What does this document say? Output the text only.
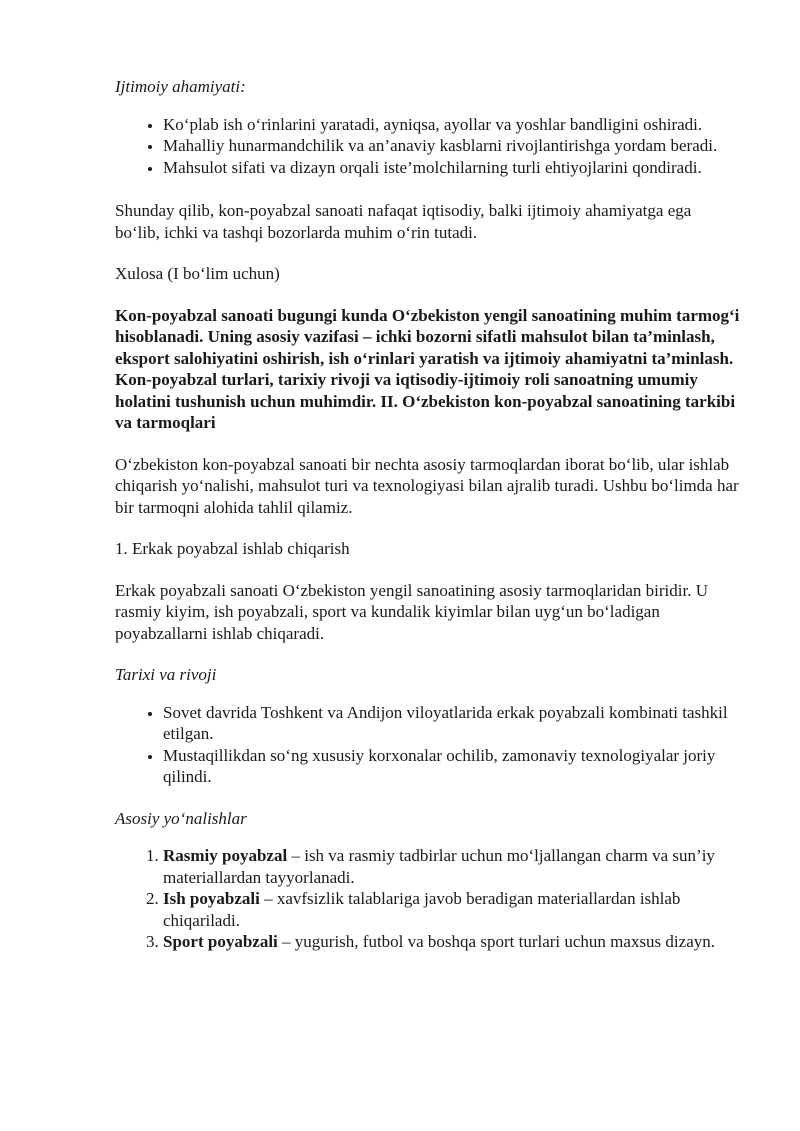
Ijtimoiy ahamiyati:

• Ko‘plab ish o‘rinlarini yaratadi, ayniqsa, ayollar va yoshlar bandligini oshiradi.
• Mahalliy hunarmandchilik va an’anaviy kasblarni rivojlantirishga yordam beradi.
• Mahsulot sifati va dizayn orqali iste’molchilarning turli ehtiyojlarini qondiradi.

Shunday qilib, kon-poyabzal sanoati nafaqat iqtisodiy, balki ijtimoiy ahamiyatga ega bo‘lib, ichki va tashqi bozorlarda muhim o‘rin tutadi.

Xulosa (I bo‘lim uchun)

Kon-poyabzal sanoati bugungi kunda O‘zbekiston yengil sanoatining muhim tarmog‘i hisoblanadi. Uning asosiy vazifasi – ichki bozorni sifatli mahsulot bilan ta’minlash, eksport salohiyatini oshirish, ish o‘rinlari yaratish va ijtimoiy ahamiyatni ta’minlash. Kon-poyabzal turlari, tarixiy rivoji va iqtisodiy-ijtimoiy roli sanoatning umumiy holatini tushunish uchun muhimdir. II. O‘zbekiston kon-poyabzal sanoatining tarkibi va tarmoqlari

O‘zbekiston kon-poyabzal sanoati bir nechta asosiy tarmoqlardan iborat bo‘lib, ular ishlab chiqarish yo‘nalishi, mahsulot turi va texnologiyasi bilan ajralib turadi. Ushbu bo‘limda har bir tarmoqni alohida tahlil qilamiz.

1. Erkak poyabzal ishlab chiqarish

Erkak poyabzali sanoati O‘zbekiston yengil sanoatining asosiy tarmoqlaridan biridir. U rasmiy kiyim, ish poyabzali, sport va kundalik kiyimlar bilan uyg‘un bo‘ladigan poyabzallarni ishlab chiqaradi.

Tarixi va rivoji

• Sovet davrida Toshkent va Andijon viloyatlarida erkak poyabzali kombinati tashkil etilgan.
• Mustaqillikdan so‘ng xususiy korxonalar ochilib, zamonaviy texnologiyalar joriy qilindi.

Asosiy yo‘nalishlar

1. Rasmiy poyabzal – ish va rasmiy tadbirlar uchun mo‘ljallangan charm va sun’iy materiallardan tayyorlanadi.
2. Ish poyabzali – xavfsizlik talablariga javob beradigan materiallardan ishlab chiqariladi.
3. Sport poyabzali – yugurish, futbol va boshqa sport turlari uchun maxsus dizayn.
